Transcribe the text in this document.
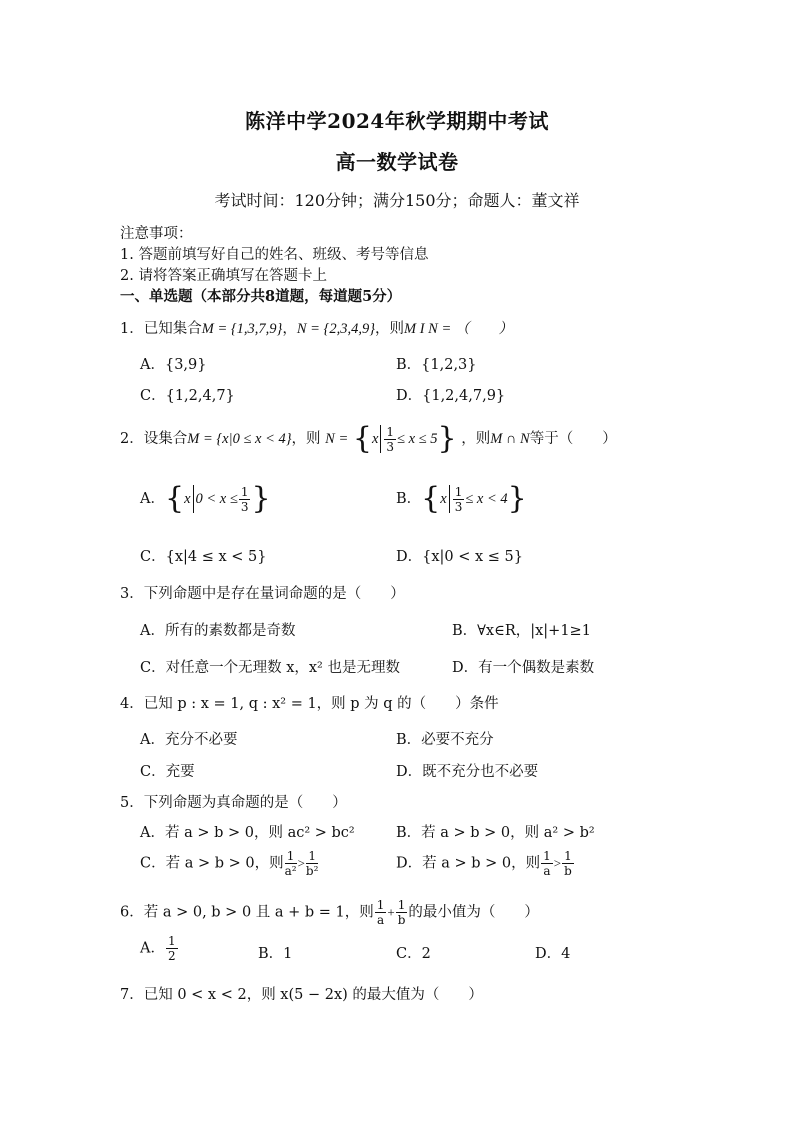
陈洋中学2024年秋学期期中考试
高一数学试卷
考试时间：120分钟；满分150分；命题人：董文祥
注意事项：
1. 答题前填写好自己的姓名、班级、考号等信息
2. 请将答案正确填写在答题卡上
一、单选题（本部分共8道题，每道题5分）
1．已知集合M = {1,3,7,9}，N = {2,3,4,9}，则M I N = （　　）
A．{3,9}	B．{1,2,3}
C．{1,2,4,7}	D．{1,2,4,7,9}
2．设集合M = {x|0 ≤ x < 4}，则 $N = \{x \frac{1}{3} \le x \le 5\}$ ，则M ∩ N等于（　　）
A．{x $0 < x \le \frac{1}{3}$ }	B．$\{x \frac{1}{3} \le x < 4\}$
C．{x|4 ≤ x < 5}	D．{x|0 < x ≤ 5}
3．下列命题中是存在量词命题的是（　　）
A．所有的素数都是奇数	B．∀x∈R，|x|+1≥1
C．对任意一个无理数 x，x² 也是无理数	D．有一个偶数是素数
4．已知 p : x = 1, q : x² = 1，则 p 为 q 的（　　）条件
A．充分不必要	B．必要不充分
C．充要	D．既不充分也不必要
5．下列命题为真命题的是（　　）
A．若 a > b > 0，则 ac² > bc²	B．若 a > b > 0，则 a² > b²
C．若 a > b > 0，则 $\frac{1}{\text{a²}} > \frac{1}{\text{b²}}$	D．若 a > b > 0，则 $\frac{1}{a} > \frac{1}{b}$
6．若 a > 0, b > 0 且 a + b = 1，则 $\frac{1}{a} + \frac{1}{b}$ 的最小值为（　　）
A． $\frac{1}{2}$	B．1	C．2	D．4
7．已知 0 < x < 2，则 x(5 − 2x) 的最大值为（　　）
